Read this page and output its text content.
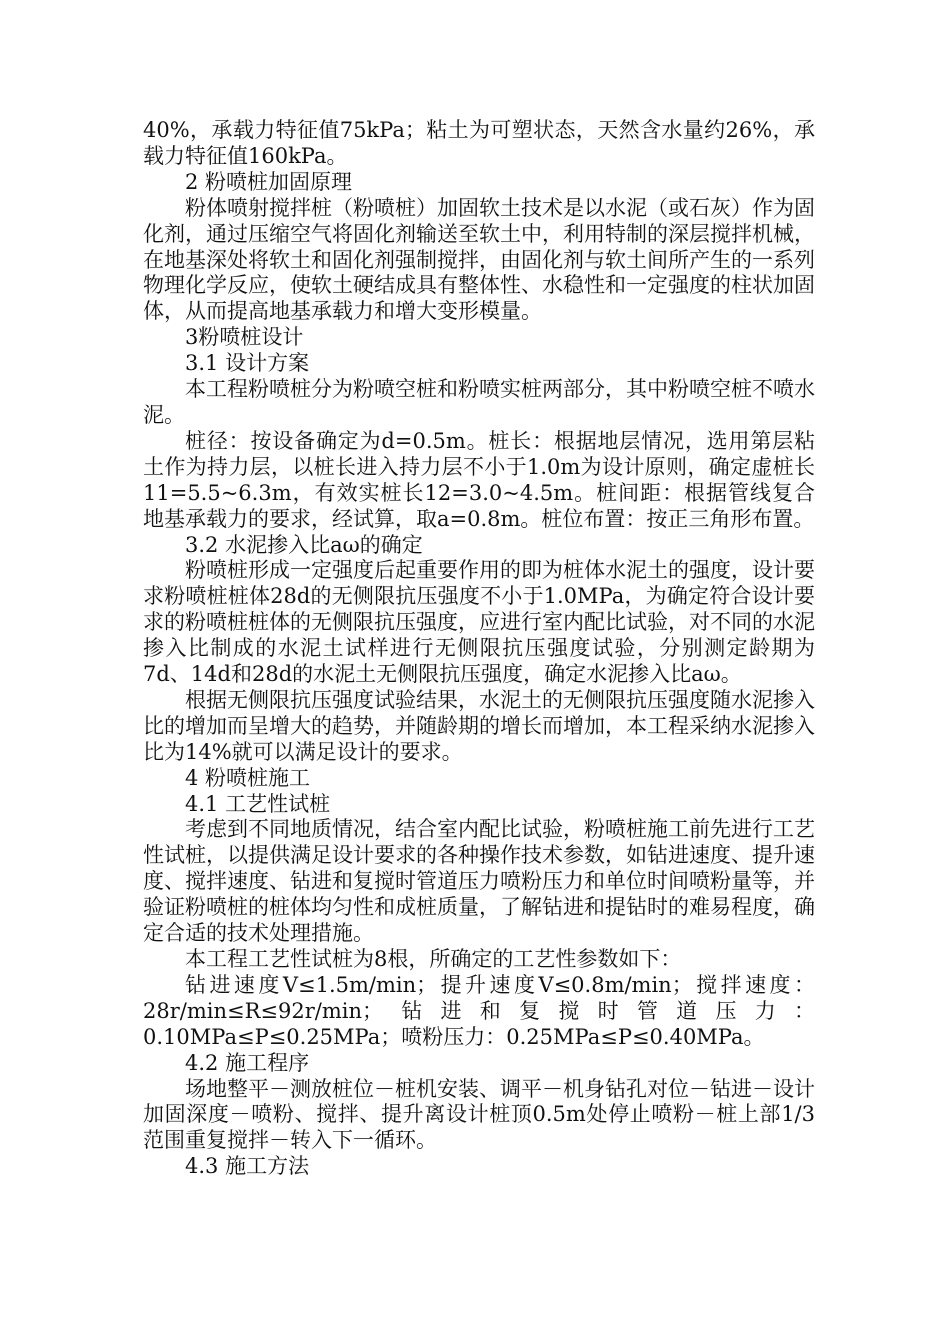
40%，承载力特征值75kPa；粘土为可塑状态，天然含水量约26%，承载力特征值160kPa。

2 粉喷桩加固原理

粉体喷射搅拌桩（粉喷桩）加固软土技术是以水泥（或石灰）作为固化剂，通过压缩空气将固化剂输送至软土中，利用特制的深层搅拌机械，在地基深处将软土和固化剂强制搅拌，由固化剂与软土间所产生的一系列物理化学反应，使软土硬结成具有整体性、水稳性和一定强度的柱状加固体，从而提高地基承载力和增大变形模量。

3粉喷桩设计

3.1 设计方案

本工程粉喷桩分为粉喷空桩和粉喷实桩两部分，其中粉喷空桩不喷水泥。

桩径：按设备确定为d=0.5m。桩长：根据地层情况，选用第层粘土作为持力层，以桩长进入持力层不小于1.0m为设计原则，确定虚桩长11=5.5~6.3m，有效实桩长12=3.0~4.5m。桩间距：根据管线复合地基承载力的要求，经试算，取a=0.8m。桩位布置：按正三角形布置。

3.2 水泥掺入比aω的确定

粉喷桩形成一定强度后起重要作用的即为桩体水泥土的强度，设计要求粉喷桩桩体28d的无侧限抗压强度不小于1.0MPa，为确定符合设计要求的粉喷桩桩体的无侧限抗压强度，应进行室内配比试验，对不同的水泥掺入比制成的水泥土试样进行无侧限抗压强度试验，分别测定龄期为7d、14d和28d的水泥土无侧限抗压强度，确定水泥掺入比aω。

根据无侧限抗压强度试验结果，水泥土的无侧限抗压强度随水泥掺入比的增加而呈增大的趋势，并随龄期的增长而增加，本工程采纳水泥掺入比为14%就可以满足设计的要求。

4 粉喷桩施工

4.1 工艺性试桩

考虑到不同地质情况，结合室内配比试验，粉喷桩施工前先进行工艺性试桩，以提供满足设计要求的各种操作技术参数，如钻进速度、提升速度、搅拌速度、钻进和复搅时管道压力喷粉压力和单位时间喷粉量等，并验证粉喷桩的桩体均匀性和成桩质量，了解钻进和提钻时的难易程度，确定合适的技术处理措施。

本工程工艺性试桩为8根，所确定的工艺性参数如下：

钻进速度V≤1.5m/min；提升速度V≤0.8m/min；搅拌速度：28r/min≤R≤92r/min；钻进和复搅时管道压力：0.10MPa≤P≤0.25MPa；喷粉压力：0.25MPa≤P≤0.40MPa。

4.2 施工程序

场地整平－测放桩位－桩机安装、调平－机身钻孔对位－钻进－设计加固深度－喷粉、搅拌、提升离设计桩顶0.5m处停止喷粉－桩上部1/3 范围重复搅拌－转入下一循环。

4.3 施工方法
